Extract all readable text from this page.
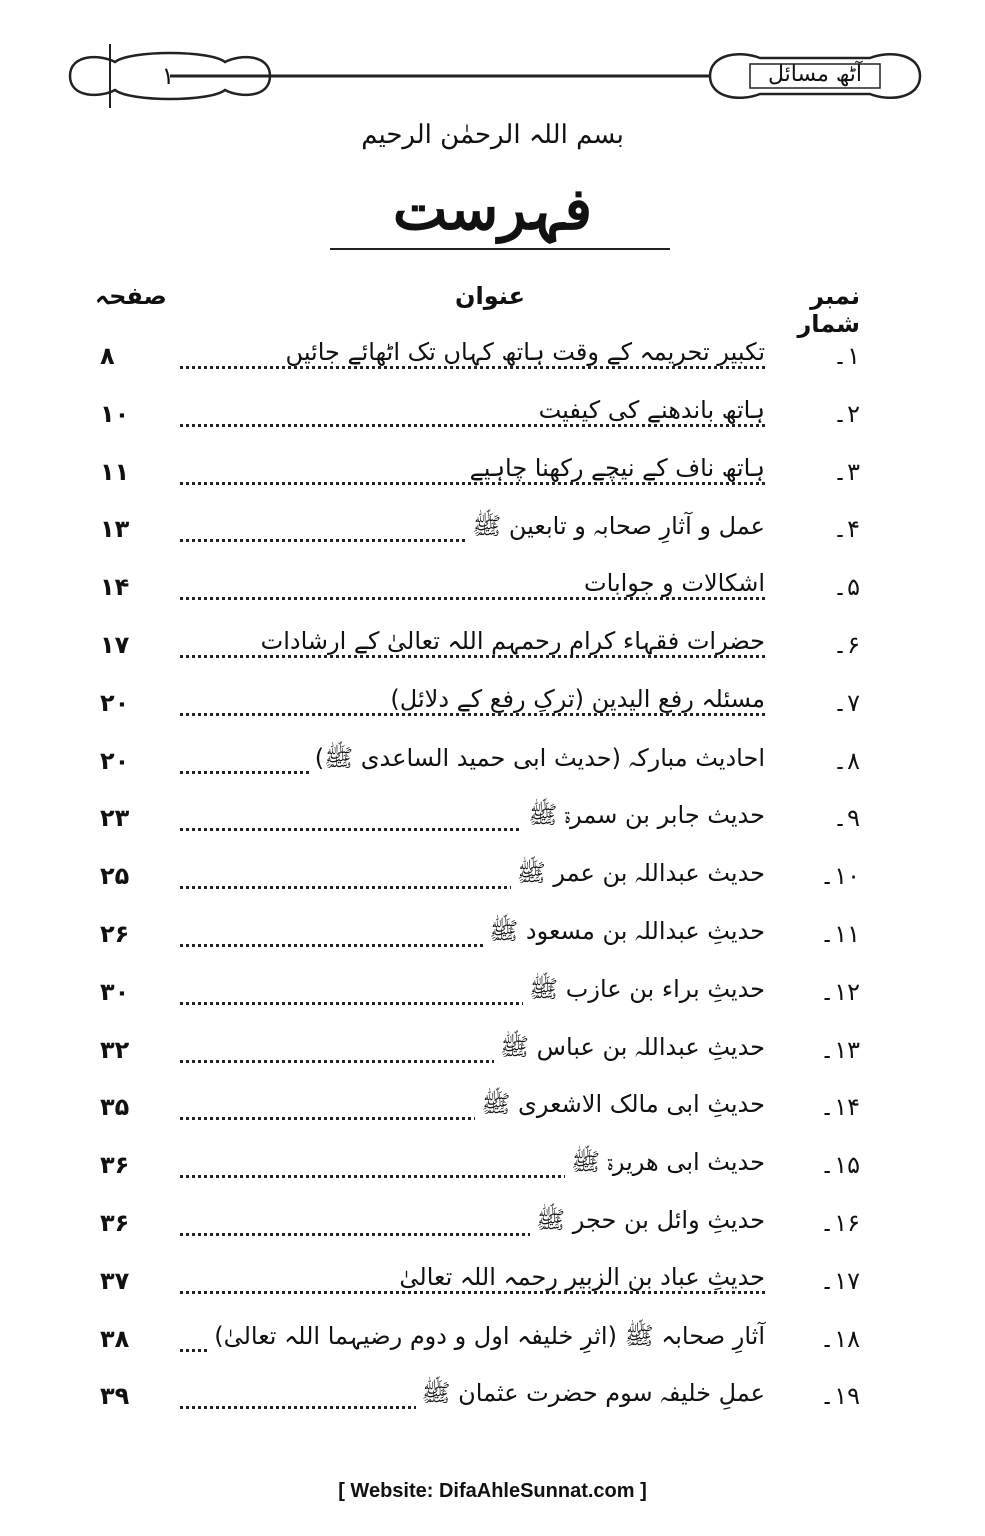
١	آٹھ مسائل
بسم اللہ الرحمٰن الرحیم
فہرست
نمبر شمار
عنوان
صفحہ
۱۔
تکبیر تحریمہ کے وقت ہاتھ کہاں تک اٹھائے جائیں
۸
۲۔
ہاتھ باندھنے کی کیفیت
۱۰
۳۔
ہاتھ ناف کے نیچے رکھنا چاہیے
۱۱
۴۔
عمل و آثارِ صحابہ و تابعین ﷺ
۱۳
۵۔
اشکالات و جوابات
۱۴
۶۔
حضرات فقہاء کرام رحمہم اللہ تعالیٰ کے ارشادات
۱۷
۷۔
مسئلہ رفع الیدین (ترکِ رفع کے دلائل)
۲۰
۸۔
احادیث مبارکہ (حدیث ابی حمید الساعدی ﷺ)
۲۰
۹۔
حدیث جابر بن سمرۃ ﷺ
۲۳
۱۰۔
حدیث عبداللہ بن عمر ﷺ
۲۵
۱۱۔
حدیثِ عبداللہ بن مسعود ﷺ
۲۶
۱۲۔
حدیثِ براء بن عازب ﷺ
۳۰
۱۳۔
حدیثِ عبداللہ بن عباس ﷺ
۳۲
۱۴۔
حدیثِ ابی مالک الاشعری ﷺ
۳۵
۱۵۔
حدیث ابی ھریرۃ ﷺ
۳۶
۱۶۔
حدیثِ وائل بن حجر ﷺ
۳۶
۱۷۔
حدیثِ عباد بن الزبیر رحمہ اللہ تعالیٰ
۳۷
۱۸۔
آثارِ صحابہ ﷺ (اثرِ خلیفہ اول و دوم رضیہما اللہ تعالیٰ)
۳۸
۱۹۔
عملِ خلیفہ سوم حضرت عثمان ﷺ
۳۹
[ Website: DifaAhleSunnat.com ]
